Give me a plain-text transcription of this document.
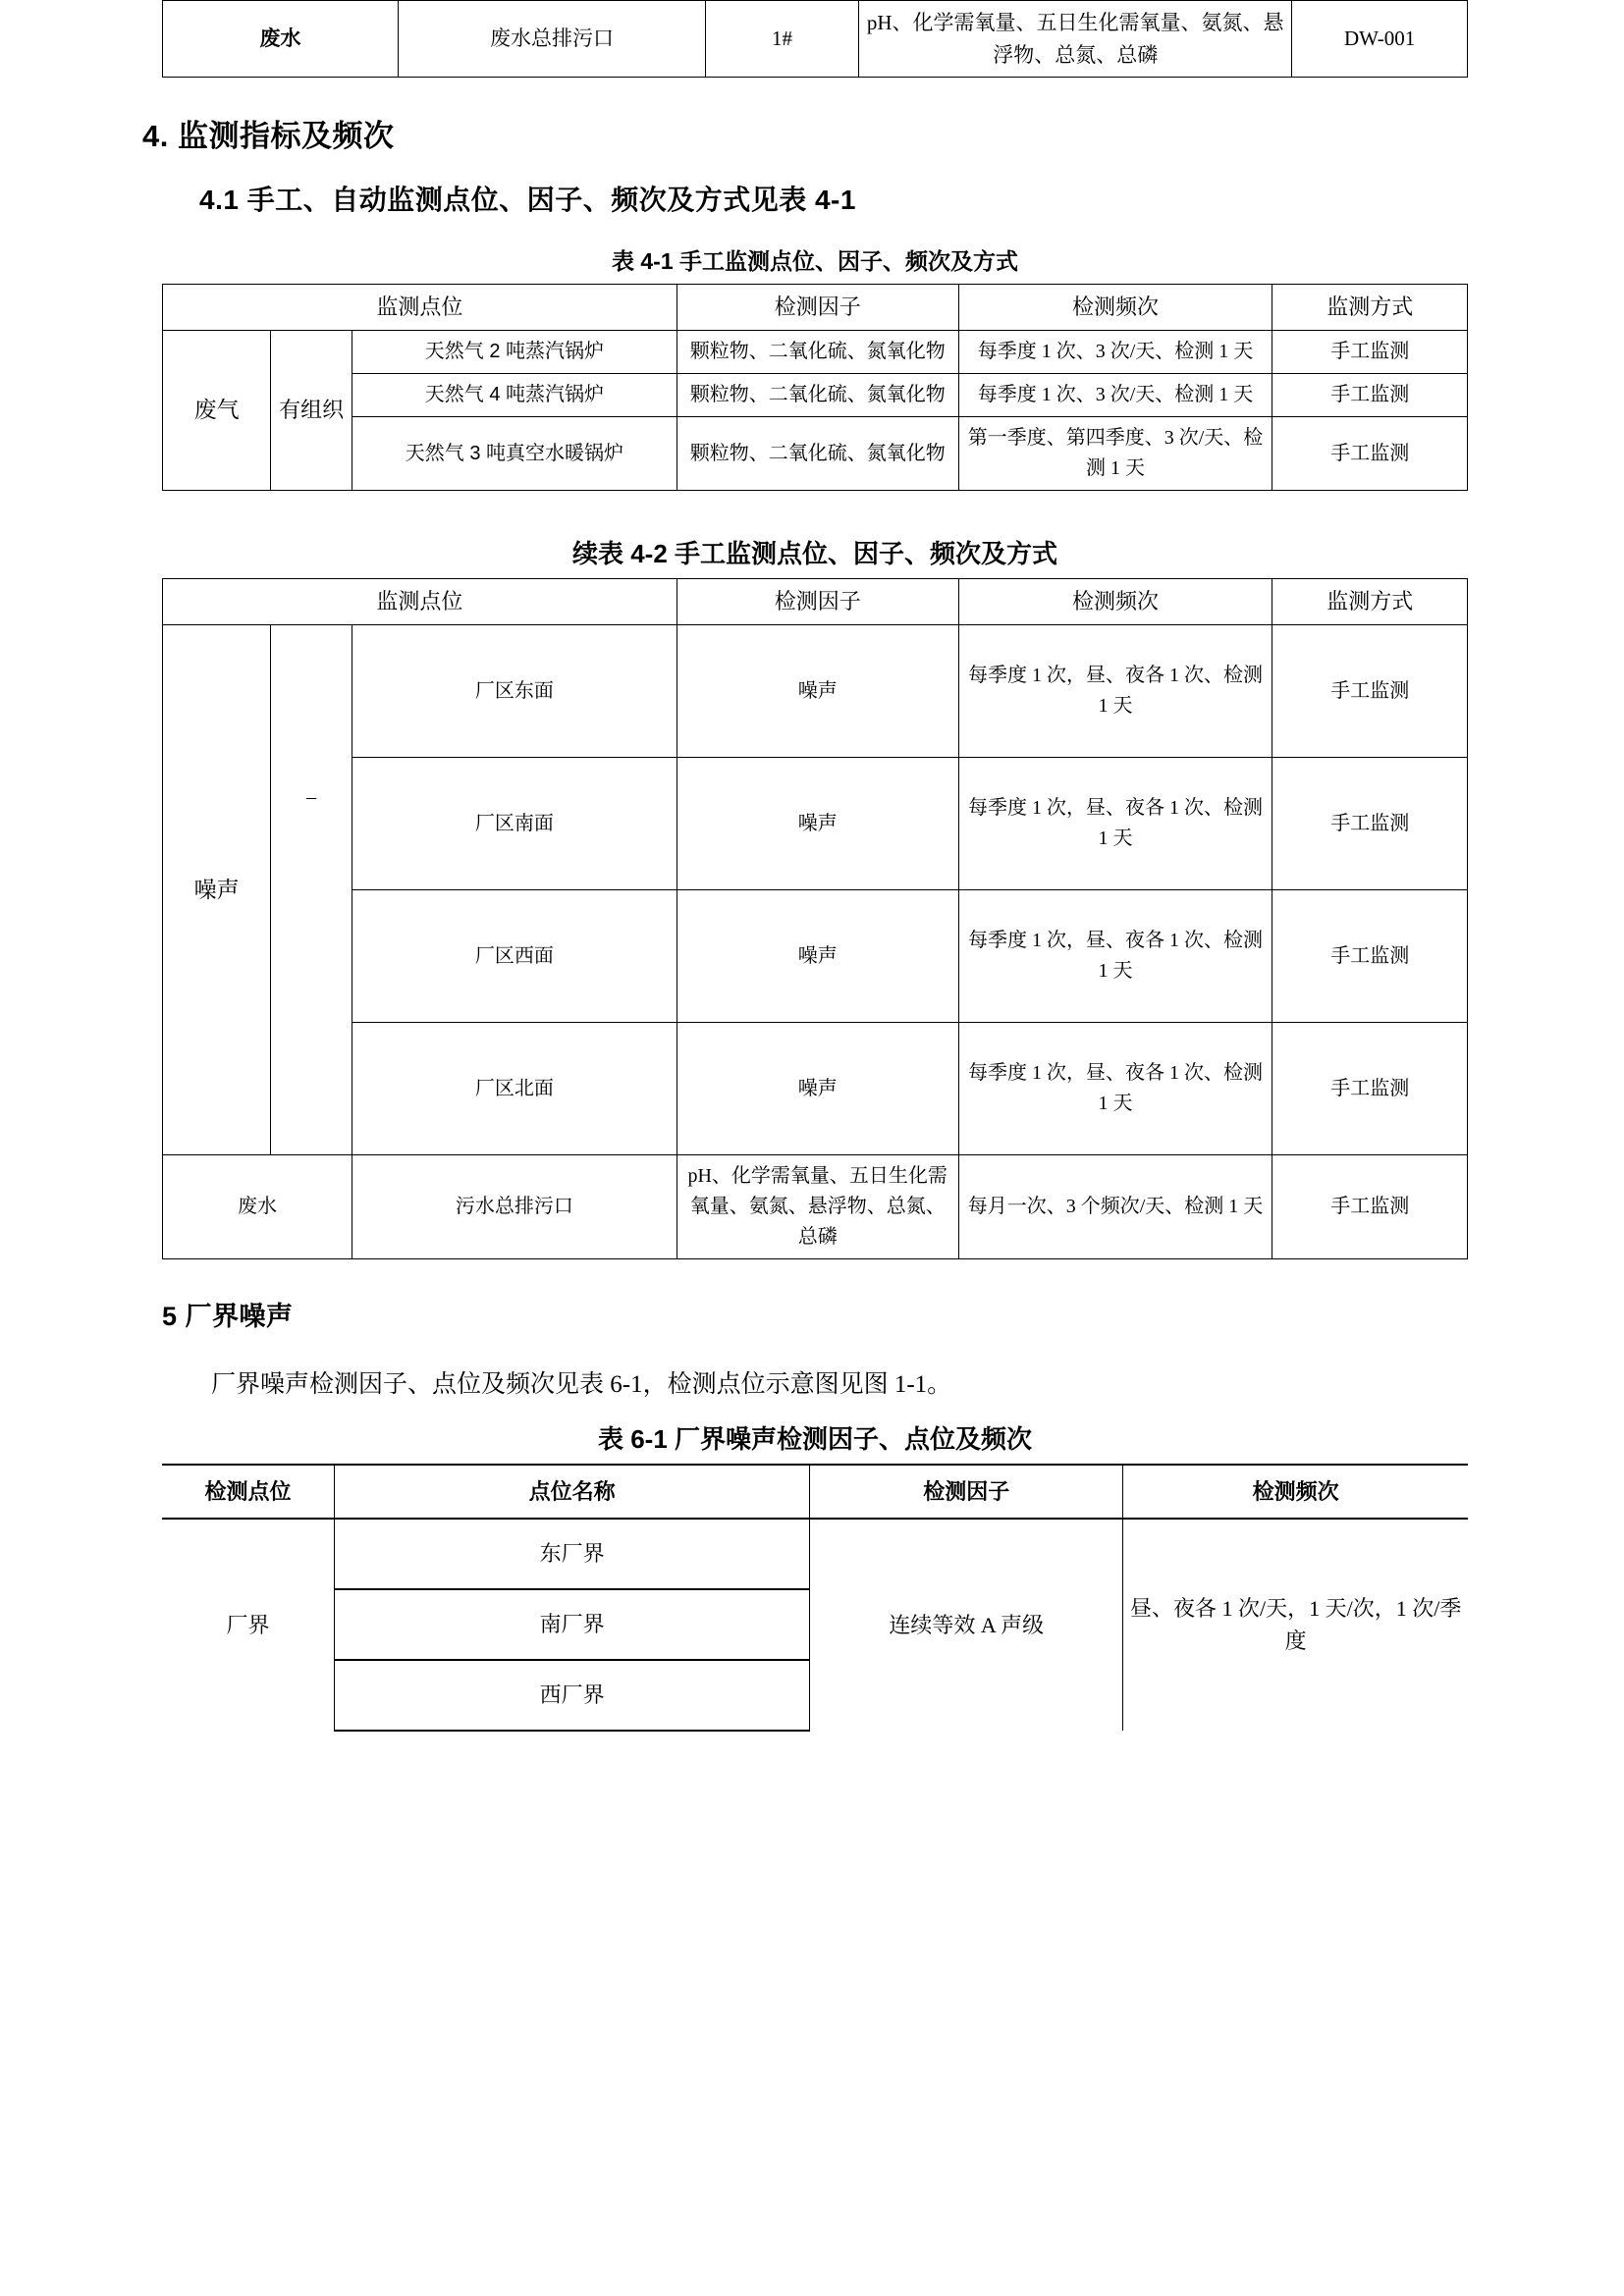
废水	废水总排污口	1#	pH、化学需氧量、五日生化需氧量、氨氮、悬浮物、总氮、总磷	DW-001
4. 监测指标及频次
4.1 手工、自动监测点位、因子、频次及方式见表 4-1
表 4-1 手工监测点位、因子、频次及方式
监测点位			检测因子	检测频次	监测方式
废气	有组织	天然气 2 吨蒸汽锅炉	颗粒物、二氧化硫、氮氧化物	每季度 1 次、3 次/天、检测 1 天	手工监测
		天然气 4 吨蒸汽锅炉	颗粒物、二氧化硫、氮氧化物	每季度 1 次、3 次/天、检测 1 天	手工监测
		天然气 3 吨真空水暖锅炉	颗粒物、二氧化硫、氮氧化物	第一季度、第四季度、3 次/天、检测 1 天	手工监测
续表 4-2 手工监测点位、因子、频次及方式
监测点位			检测因子	检测频次	监测方式
噪声	–	厂区东面	噪声	每季度 1 次，昼、夜各 1 次、检测 1 天	手工监测
		厂区南面	噪声	每季度 1 次，昼、夜各 1 次、检测 1 天	手工监测
		厂区西面	噪声	每季度 1 次，昼、夜各 1 次、检测 1 天	手工监测
		厂区北面	噪声	每季度 1 次，昼、夜各 1 次、检测 1 天	手工监测
废水		污水总排污口	pH、化学需氧量、五日生化需氧量、氨氮、悬浮物、总氮、总磷	每月一次、3 个频次/天、检测 1 天	手工监测
5 厂界噪声

厂界噪声检测因子、点位及频次见表 6-1，检测点位示意图见图 1-1。

表 6-1 厂界噪声检测因子、点位及频次
检测点位	点位名称	检测因子	检测频次
厂界	东厂界	连续等效 A 声级	昼、夜各 1 次/天，1 天/次，1 次/季度
	南厂界		
	西厂界		
